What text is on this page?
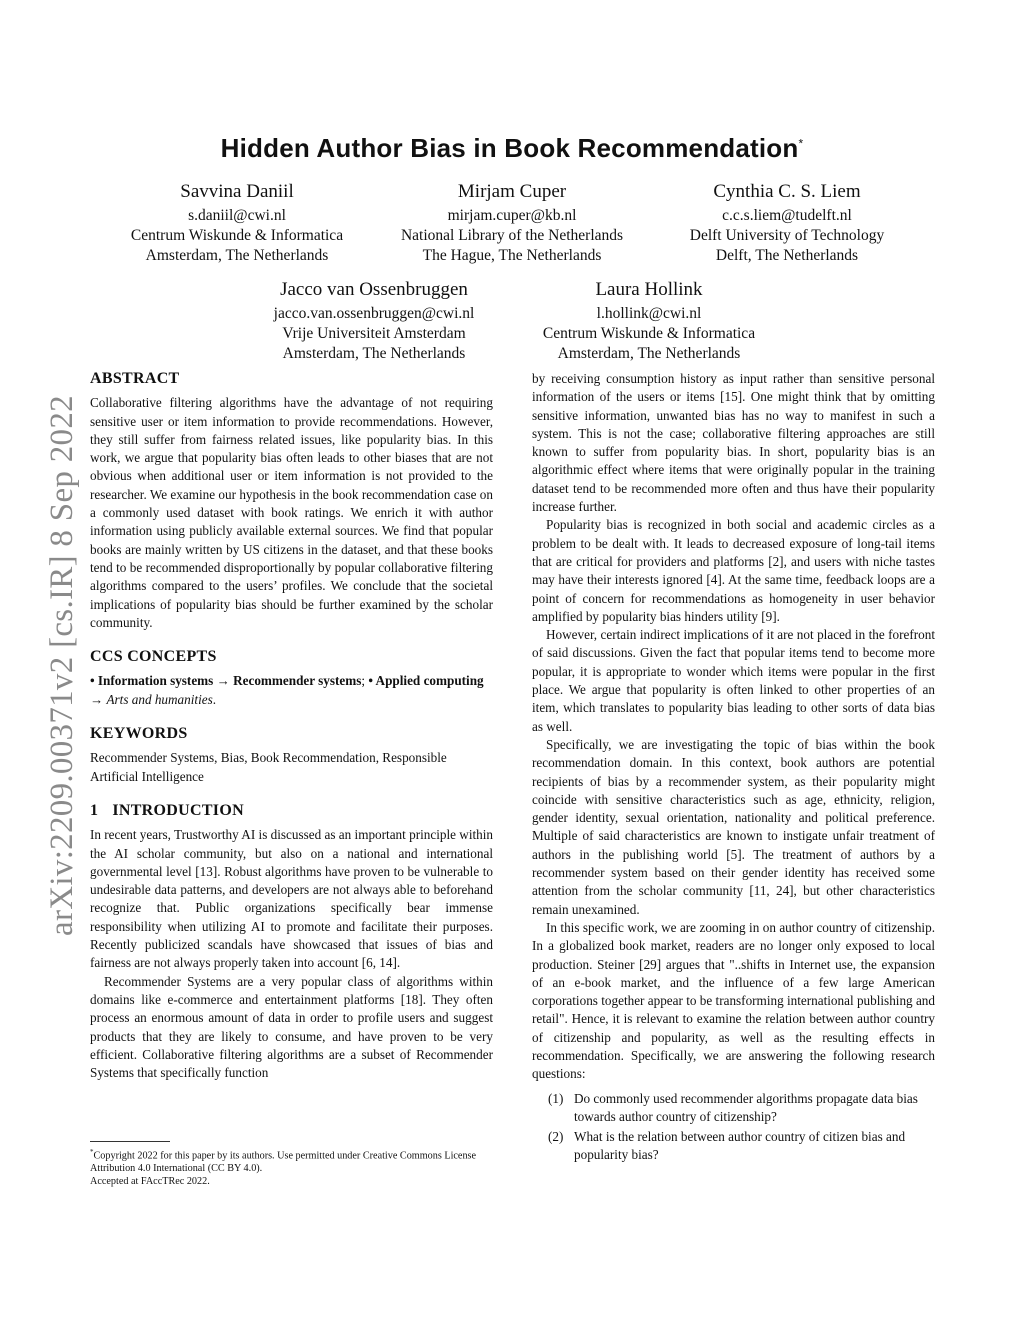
arXiv:2209.00371v2 [cs.IR] 8 Sep 2022
Hidden Author Bias in Book Recommendation*
Savvina Daniil
s.daniil@cwi.nl
Centrum Wiskunde & Informatica
Amsterdam, The Netherlands
Mirjam Cuper
mirjam.cuper@kb.nl
National Library of the Netherlands
The Hague, The Netherlands
Cynthia C. S. Liem
c.c.s.liem@tudelft.nl
Delft University of Technology
Delft, The Netherlands
Jacco van Ossenbruggen
jacco.van.ossenbruggen@cwi.nl
Vrije Universiteit Amsterdam
Amsterdam, The Netherlands
Laura Hollink
l.hollink@cwi.nl
Centrum Wiskunde & Informatica
Amsterdam, The Netherlands
ABSTRACT

Collaborative filtering algorithms have the advantage of not requiring sensitive user or item information to provide recommendations. However, they still suffer from fairness related issues, like popularity bias. In this work, we argue that popularity bias often leads to other biases that are not obvious when additional user or item information is not provided to the researcher. We examine our hypothesis in the book recommendation case on a commonly used dataset with book ratings. We enrich it with author information using publicly available external sources. We find that popular books are mainly written by US citizens in the dataset, and that these books tend to be recommended disproportionally by popular collaborative filtering algorithms compared to the users’ profiles. We conclude that the societal implications of popularity bias should be further examined by the scholar community.

CCS CONCEPTS

• Information systems → Recommender systems; • Applied computing → Arts and humanities.

KEYWORDS

Recommender Systems, Bias, Book Recommendation, Responsible Artificial Intelligence

1 INTRODUCTION

In recent years, Trustworthy AI is discussed as an important principle within the AI scholar community, but also on a national and international governmental level [13]. Robust algorithms have proven to be vulnerable to undesirable data patterns, and developers are not always able to beforehand recognize that. Public organizations specifically bear immense responsibility when utilizing AI to promote and facilitate their purposes. Recently publicized scandals have showcased that issues of bias and fairness are not always properly taken into account [6, 14].

Recommender Systems are a very popular class of algorithms within domains like e-commerce and entertainment platforms [18]. They often process an enormous amount of data in order to profile users and suggest products that they are likely to consume, and have proven to be very efficient. Collaborative filtering algorithms are a subset of Recommender Systems that specifically function

by receiving consumption history as input rather than sensitive personal information of the users or items [15]. One might think that by omitting sensitive information, unwanted bias has no way to manifest in such a system. This is not the case; collaborative filtering approaches are still known to suffer from popularity bias. In short, popularity bias is an algorithmic effect where items that were originally popular in the training dataset tend to be recommended more often and thus have their popularity increase further.

Popularity bias is recognized in both social and academic circles as a problem to be dealt with. It leads to decreased exposure of long-tail items that are critical for providers and platforms [2], and users with niche tastes may have their interests ignored [4]. At the same time, feedback loops are a point of concern for recommendations as homogeneity in user behavior amplified by popularity bias hinders utility [9].

However, certain indirect implications of it are not placed in the forefront of said discussions. Given the fact that popular items tend to become more popular, it is appropriate to wonder which items were popular in the first place. We argue that popularity is often linked to other properties of an item, which translates to popularity bias leading to other sorts of data bias as well.

Specifically, we are investigating the topic of bias within the book recommendation domain. In this context, book authors are potential recipients of bias by a recommender system, as their popularity might coincide with sensitive characteristics such as age, ethnicity, religion, gender identity, sexual orientation, nationality and political preference. Multiple of said characteristics are known to instigate unfair treatment of authors in the publishing world [5]. The treatment of authors by a recommender system based on their gender identity has received some attention from the scholar community [11, 24], but other characteristics remain unexamined.

In this specific work, we are zooming in on author country of citizenship. In a globalized book market, readers are no longer only exposed to local production. Steiner [29] argues that "..shifts in Internet use, the expansion of an e-book market, and the influence of a few large American corporations together appear to be transforming international publishing and retail". Hence, it is relevant to examine the relation between author country of citizenship and popularity, as well as the resulting effects in recommendation. Specifically, we are answering the following research questions:

(1) Do commonly used recommender algorithms propagate data bias towards author country of citizenship?
(2) What is the relation between author country of citizen bias and popularity bias?
*Copyright 2022 for this paper by its authors. Use permitted under Creative Commons License Attribution 4.0 International (CC BY 4.0).
Accepted at FAccTRec 2022.
